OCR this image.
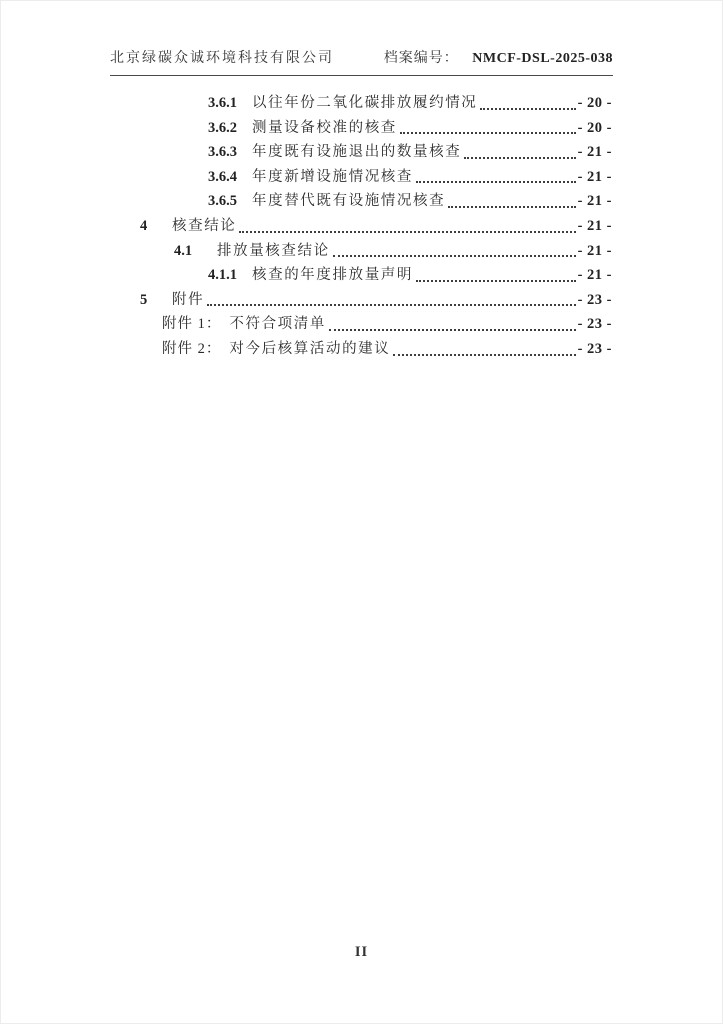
北京绿碳众诚环境科技有限公司	档案编号： NMCF-DSL-2025-038
3.6.1	以往年份二氧化碳排放履约情况	- 20 -
3.6.2	测量设备校准的核查	- 20 -
3.6.3	年度既有设施退出的数量核查	- 21 -
3.6.4	年度新增设施情况核查	- 21 -
3.6.5	年度替代既有设施情况核查	- 21 -
4	核查结论	- 21 -
4.1	排放量核查结论	- 21 -
4.1.1	核查的年度排放量声明	- 21 -
5	附件	- 23 -
附件 1： 不符合项清单	- 23 -
附件 2： 对今后核算活动的建议	- 23 -
II
